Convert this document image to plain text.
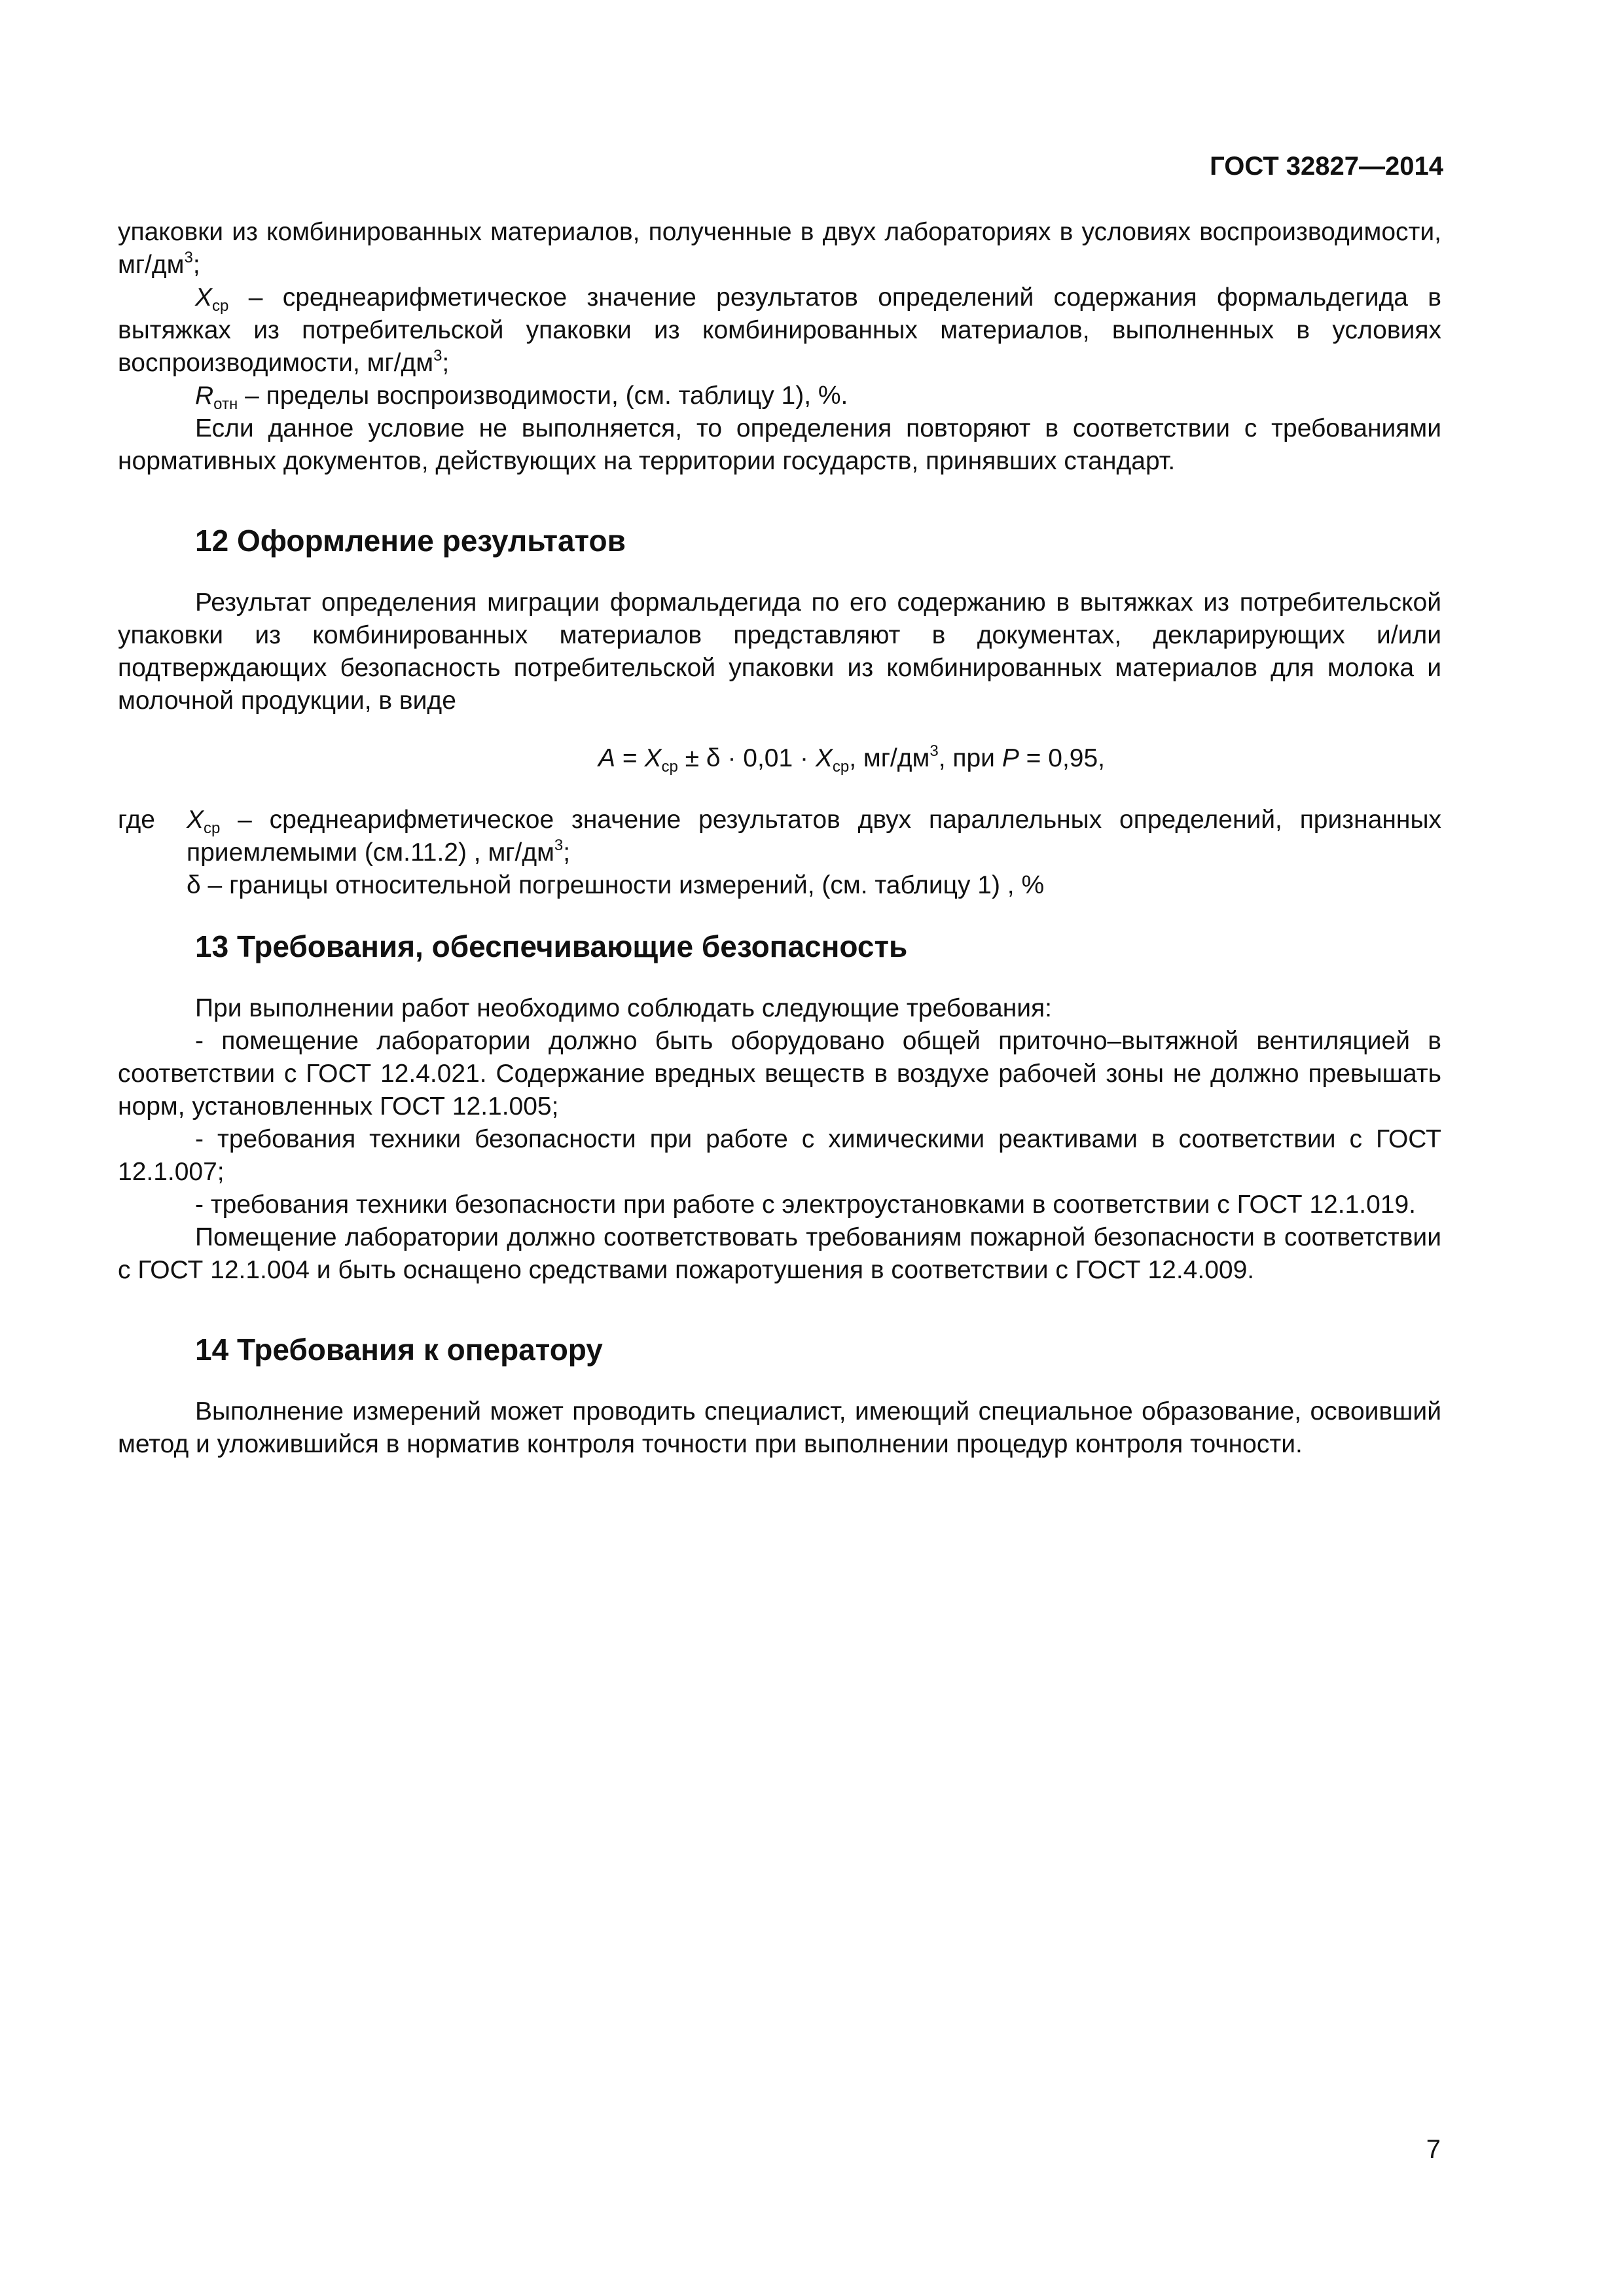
ГОСТ 32827—2014

упаковки из комбинированных материалов, полученные в двух лабораториях в условиях воспроизводимости, $мг/дм^3$;

$X_{ср}$ – среднеарифметическое значение результатов определений содержания формальдегида в вытяжках из потребительской упаковки из комбинированных материалов, выполненных в условиях воспроизводимости, $мг/дм^3$;

$R_{отн}$ – пределы воспроизводимости, (см. таблицу 1), %.

Если данное условие не выполняется, то определения повторяют в соответствии с требованиями нормативных документов, действующих на территории государств, принявших стандарт.

12 Оформление результатов

Результат определения миграции формальдегида по его содержанию в вытяжках из потребительской упаковки из комбинированных материалов представляют в документах, декларирующих и/или подтверждающих безопасность потребительской упаковки из комбинированных материалов для молока и молочной продукции, в виде

$A = X_{ср} \pm \delta \cdot 0,01 \cdot X_{ср}$, $мг/дм^3$, при P = 0,95,

где $X_{ср}$ – среднеарифметическое значение результатов двух параллельных определений, признанных приемлемыми (см.11.2) , $мг/дм^3$;

δ – границы относительной погрешности измерений, (см. таблицу 1) , %

13 Требования, обеспечивающие безопасность

При выполнении работ необходимо соблюдать следующие требования:

- помещение лаборатории должно быть оборудовано общей приточно–вытяжной вентиляцией в соответствии с ГОСТ 12.4.021. Содержание вредных веществ в воздухе рабочей зоны не должно превышать норм, установленных ГОСТ 12.1.005;

- требования техники безопасности при работе с химическими реактивами в соответствии с ГОСТ 12.1.007;

- требования техники безопасности при работе с электроустановками в соответствии с ГОСТ 12.1.019.

Помещение лаборатории должно соответствовать требованиям пожарной безопасности в соответствии с ГОСТ 12.1.004 и быть оснащено средствами пожаротушения в соответствии с ГОСТ 12.4.009.

14 Требования к оператору

Выполнение измерений может проводить специалист, имеющий специальное образование, освоивший метод и уложившийся в норматив контроля точности при выполнении процедур контроля точности.

7
